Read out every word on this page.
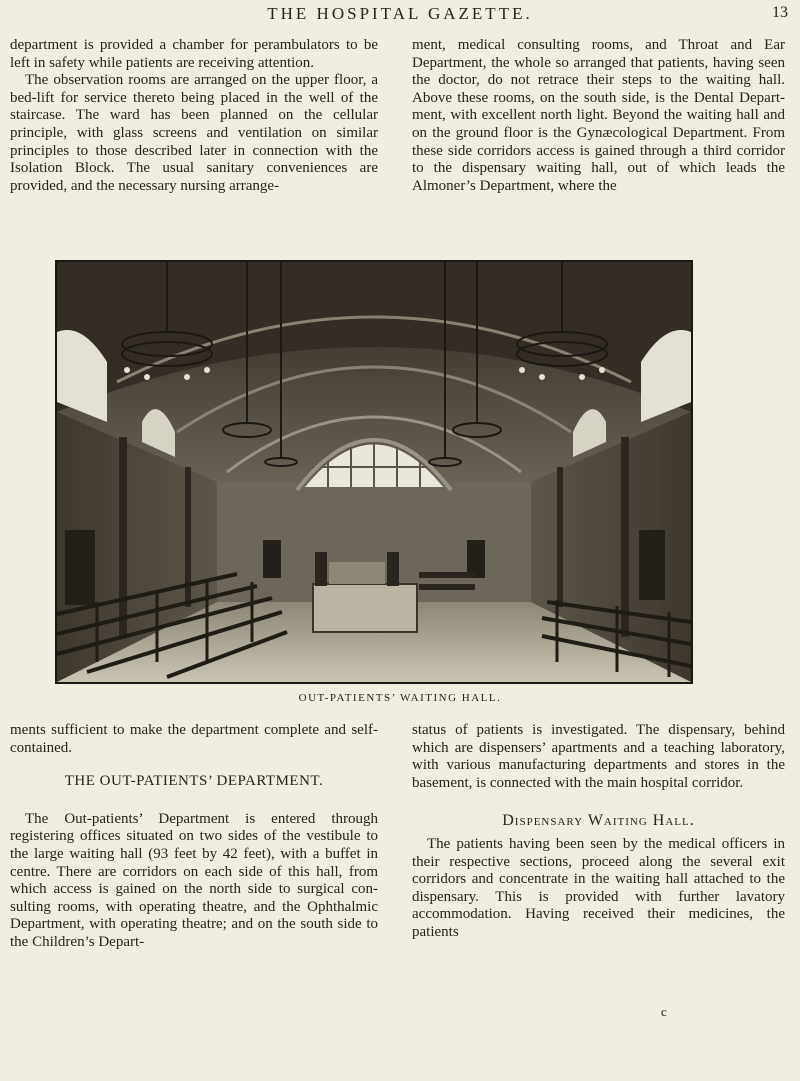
THE HOSPITAL GAZETTE.	13

department is provided a chamber for perambulators to be left in safety while patients are receiving attention.

The observation rooms are arranged on the upper floor, a bed-lift for service thereto being placed in the well of the staircase. The ward has been planned on the cellular principle, with glass screens and ventilation on similar principles to those described later in connection with the Isolation Block. The usual sanitary conveniences are provided, and the necessary nursing arrange-

ment, medical consulting rooms, and Throat and Ear Department, the whole so arranged that patients, having seen the doctor, do not retrace their steps to the waiting hall. Above these rooms, on the south side, is the Dental Department, with excellent north light. Beyond the waiting hall and on the ground floor is the Gynæcological Department. From these side corridors access is gained through a third corridor to the dispensary waiting hall, out of which leads the Almoner’s Department, where the

OUT-PATIENTS’ WAITING HALL.

ments sufficient to make the department complete and self-contained.

THE OUT-PATIENTS’ DEPARTMENT.

The Out-patients’ Department is entered through registering offices situated on two sides of the vestibule to the large waiting hall (93 feet by 42 feet), with a buffet in centre. There are corridors on each side of this hall, from which access is gained on the north side to surgical consulting rooms, with operating theatre, and the Ophthalmic Department, with operating theatre; and on the south side to the Children’s Depart-

status of patients is investigated. The dispensary, behind which are dispensers’ apartments and a teaching laboratory, with various manufacturing departments and stores in the basement, is connected with the main hospital corridor.

Dispensary Waiting Hall.

The patients having been seen by the medical officers in their respective sections, proceed along the several exit corridors and concentrate in the waiting hall attached to the dispensary. This is provided with further lavatory accommodation. Having received their medicines, the patients

c
